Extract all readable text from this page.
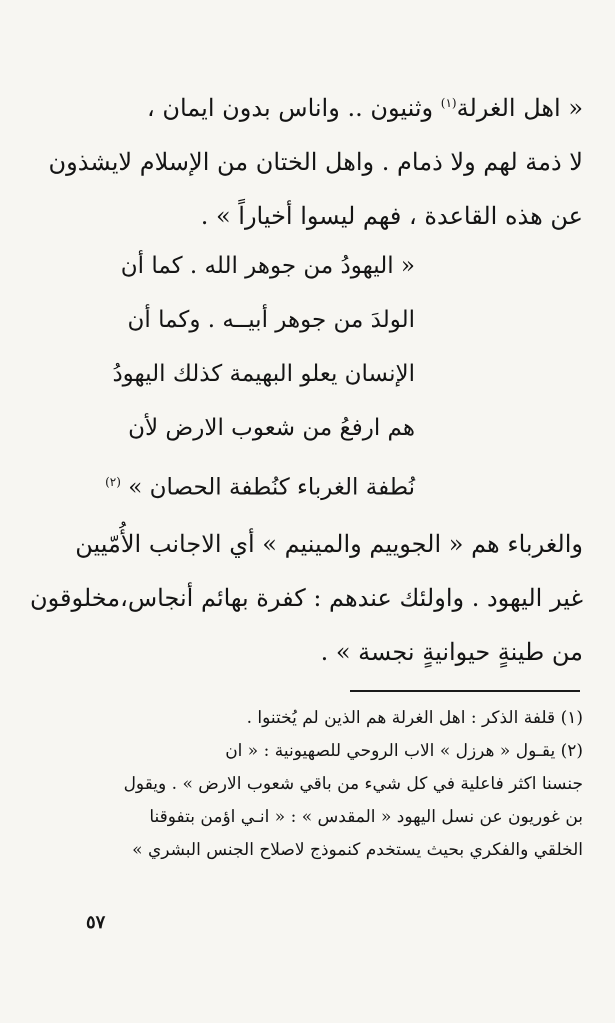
« اهل الغرلة$^{(١)}$ وثنيون .. واناس بدون ايمان ،
لا ذمة لهم ولا ذمام . واهل الختان من الإسلام لايشذون
عن هذه القاعدة ، فهم ليسوا أخياراً » .
« اليهودُ من جوهر الله . كما أن
الولدَ من جوهر أبيــه . وكما أن
الإنسان يعلو البهيمة كذلك اليهودُ
هم ارفعُ من شعوب الارض لأن
نُطفة الغرباء كنُطفة الحصان » $^{(٢)}$
والغرباء هم « الجوييم والمينيم » أي الاجانب الأُمّيين
غير اليهود . واولئك عندهم : كفرة بهائم أنجاس،مخلوقون
من طينةٍ حيوانيةٍ نجسة » .
(١) قلفة الذكر : اهل الغرلة هم الذين لم يُختنوا .
(٢) يقـول « هرزل » الاب الروحي للصهيونية : « ان
جنسنا اكثر فاعلية في كل شيء من باقي شعوب الارض » . ويقول
بن غوريون عن نسل اليهود « المقدس » : « انـي اؤمن بتفوقنا
الخلقي والفكري بحيث يستخدم كنموذج لاصلاح الجنس البشري »
٥٧
